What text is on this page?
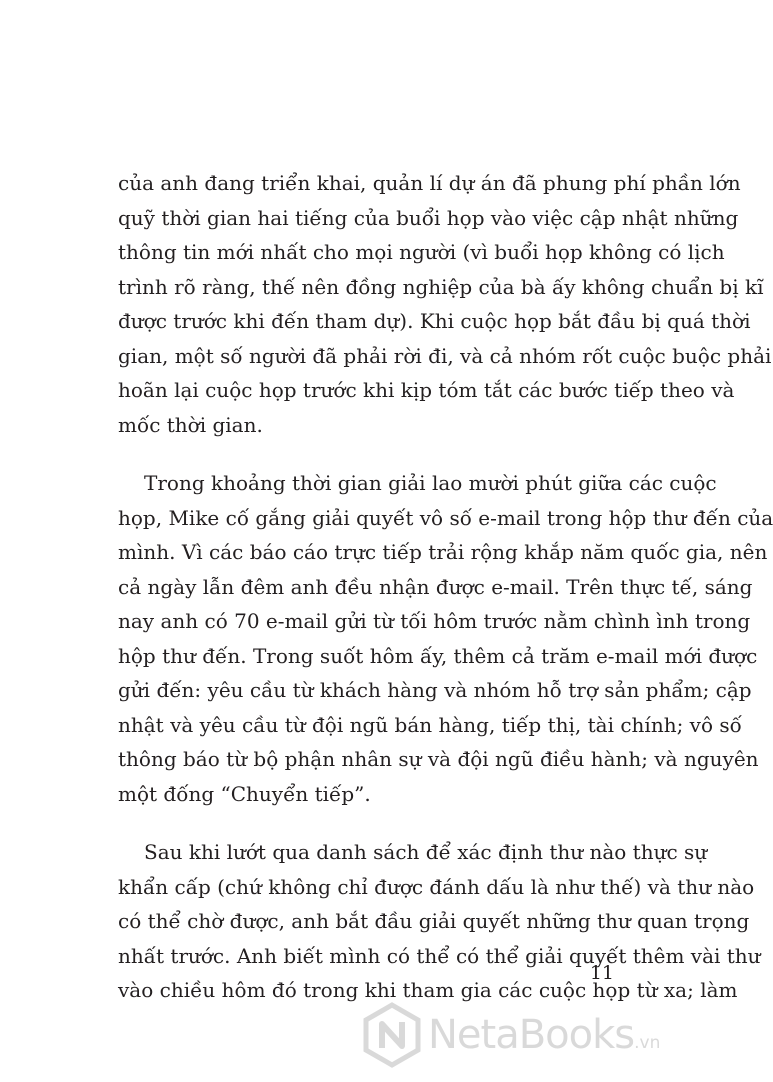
của anh đang triển khai, quản lí dự án đã phung phí phần lớn
quỹ thời gian hai tiếng của buổi họp vào việc cập nhật những
thông tin mới nhất cho mọi người (vì buổi họp không có lịch
trình rõ ràng, thế nên đồng nghiệp của bà ấy không chuẩn bị kĩ
được trước khi đến tham dự). Khi cuộc họp bắt đầu bị quá thời
gian, một số người đã phải rời đi, và cả nhóm rốt cuộc buộc phải
hoãn lại cuộc họp trước khi kịp tóm tắt các bước tiếp theo và
mốc thời gian.

Trong khoảng thời gian giải lao mười phút giữa các cuộc
họp, Mike cố gắng giải quyết vô số e-mail trong hộp thư đến của
mình. Vì các báo cáo trực tiếp trải rộng khắp năm quốc gia, nên
cả ngày lẫn đêm anh đều nhận được e-mail. Trên thực tế, sáng
nay anh có 70 e-mail gửi từ tối hôm trước nằm chình ình trong
hộp thư đến. Trong suốt hôm ấy, thêm cả trăm e-mail mới được
gửi đến: yêu cầu từ khách hàng và nhóm hỗ trợ sản phẩm; cập
nhật và yêu cầu từ đội ngũ bán hàng, tiếp thị, tài chính; vô số
thông báo từ bộ phận nhân sự và đội ngũ điều hành; và nguyên
một đống “Chuyển tiếp”.

Sau khi lướt qua danh sách để xác định thư nào thực sự
khẩn cấp (chứ không chỉ được đánh dấu là như thế) và thư nào
có thể chờ được, anh bắt đầu giải quyết những thư quan trọng
nhất trước. Anh biết mình có thể có thể giải quyết thêm vài thư
vào chiều hôm đó trong khi tham gia các cuộc họp từ xa; làm

11
NetaBooks.vn
